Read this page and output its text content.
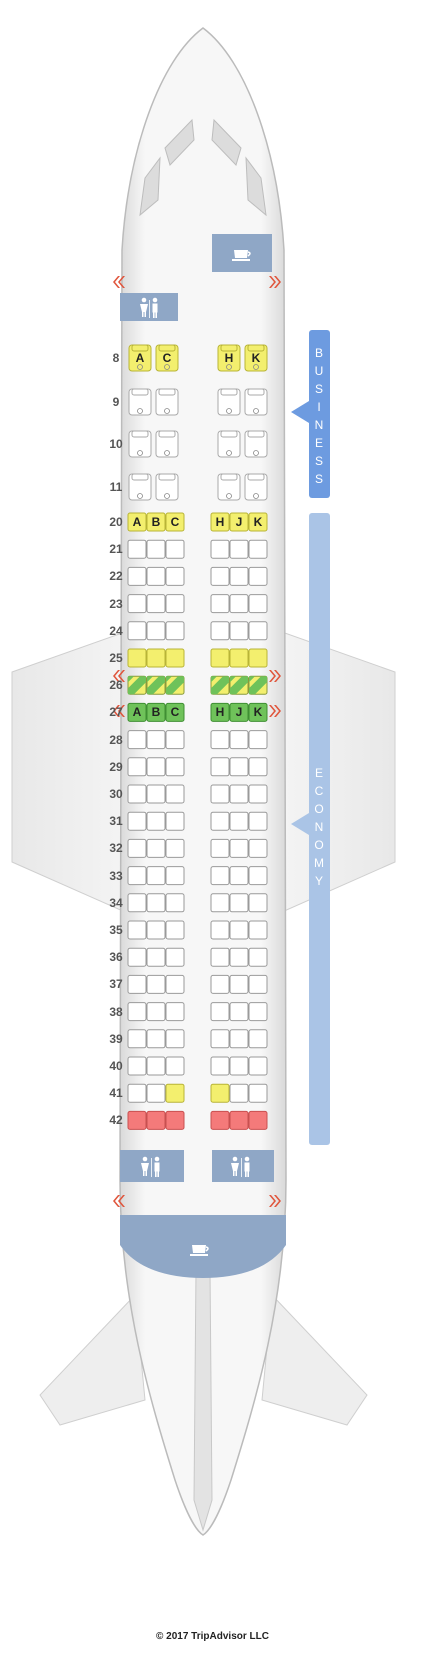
8	A	C	H	K
9
10
11
20 A B C	H J K
21
22
23
24
25
26
27 A B C	H J K
28
29
30
31
32
33
34
35
36
37
38
39
40
41
42
B
U
S
I
N
E
S
S
E
C
O
N
O
M
Y
© 2017 TripAdvisor LLC
